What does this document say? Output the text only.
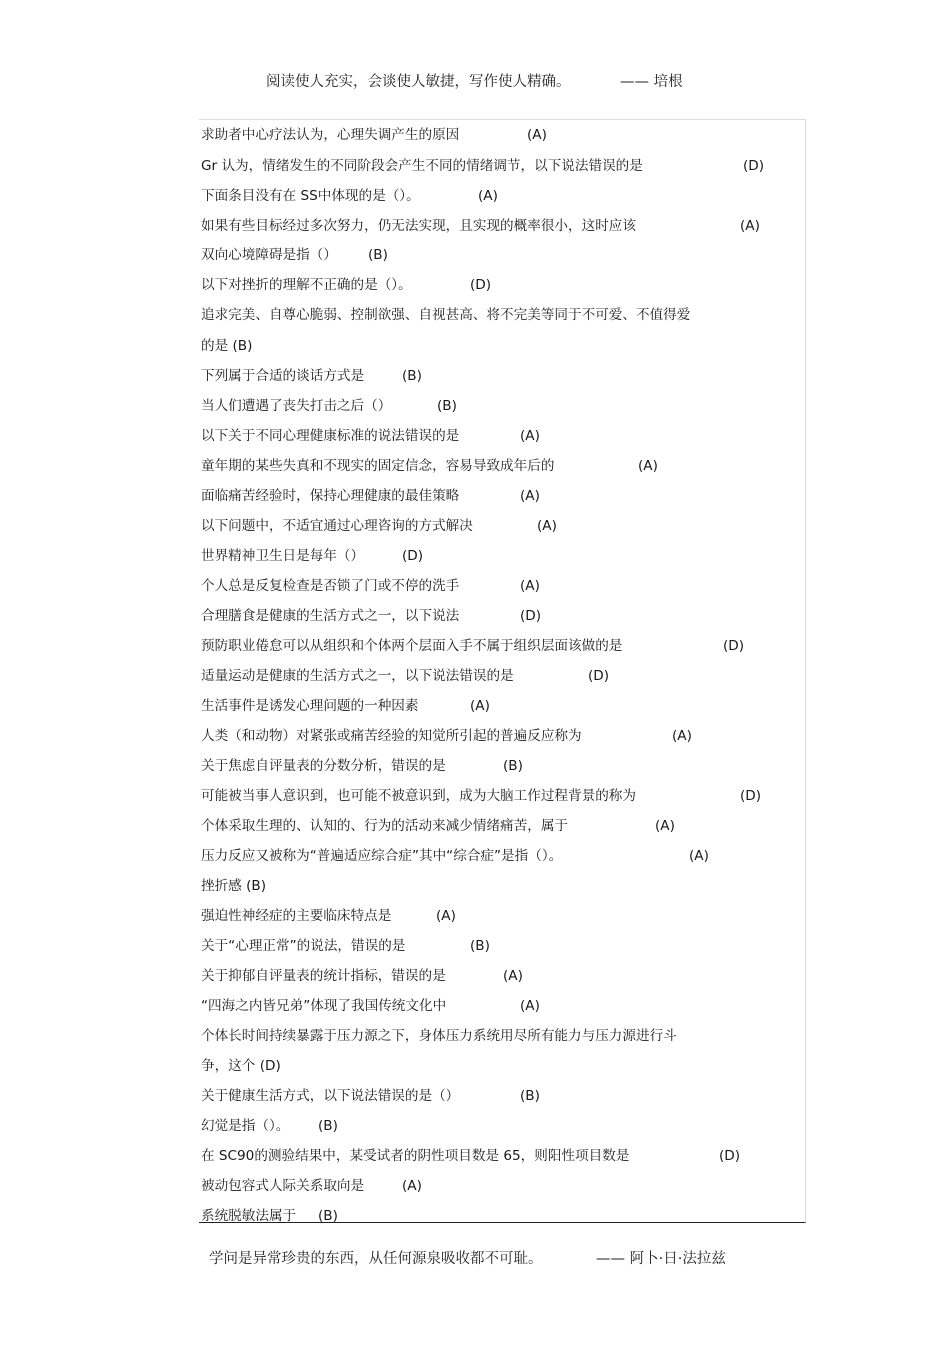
阅读使人充实，会谈使人敏捷，写作使人精确。	—— 培根
求助者中心疗法认为，心理失调产生的原因	(A)
Gr 认为，情绪发生的不同阶段会产生不同的情绪调节，以下说法错误的是	(D)
下面条目没有在 SS中体现的是（）。	(A)
如果有些目标经过多次努力，仍无法实现，且实现的概率很小，这时应该	(A)
双向心境障碍是指（） (B)
以下对挫折的理解不正确的是（）。	(D)
追求完美、自尊心脆弱、控制欲强、自视甚高、将不完美等同于不可爱、不值得爱
的是 (B)
下列属于合适的谈话方式是	(B)
当人们遭遇了丧失打击之后（）	(B)
以下关于不同心理健康标准的说法错误的是	(A)
童年期的某些失真和不现实的固定信念，容易导致成年后的	(A)
面临痛苦经验时，保持心理健康的最佳策略	(A)
以下问题中，不适宜通过心理咨询的方式解决	(A)
世界精神卫生日是每年（）	(D)
个人总是反复检查是否锁了门或不停的洗手	(A)
合理膳食是健康的生活方式之一，以下说法	(D)
预防职业倦怠可以从组织和个体两个层面入手不属于组织层面该做的是	(D)
适量运动是健康的生活方式之一，以下说法错误的是	(D)
生活事件是诱发心理问题的一种因素	(A)
人类（和动物）对紧张或痛苦经验的知觉所引起的普遍反应称为	(A)
关于焦虑自评量表的分数分析，错误的是	(B)
可能被当事人意识到，也可能不被意识到，成为大脑工作过程背景的称为	(D)
个体采取生理的、认知的、行为的活动来减少情绪痛苦，属于	(A)
压力反应又被称为“普遍适应综合症”其中“综合症”是指（）。	(A)
挫折感 (B)
强迫性神经症的主要临床特点是	(A)
关于“心理正常”的说法，错误的是	(B)
关于抑郁自评量表的统计指标，错误的是	(A)
“四海之内皆兄弟”体现了我国传统文化中	(A)
个体长时间持续暴露于压力源之下，身体压力系统用尽所有能力与压力源进行斗
争，这个 (D)
关于健康生活方式，以下说法错误的是（）	(B)
幻觉是指（）。 (B)
在 SC90的测验结果中，某受试者的阴性项目数是 65，则阳性项目数是	(D)
被动包容式人际关系取向是	(A)
系统脱敏法属于 (B)
学问是异常珍贵的东西，从任何源泉吸收都不可耻。	—— 阿卜·日·法拉兹
